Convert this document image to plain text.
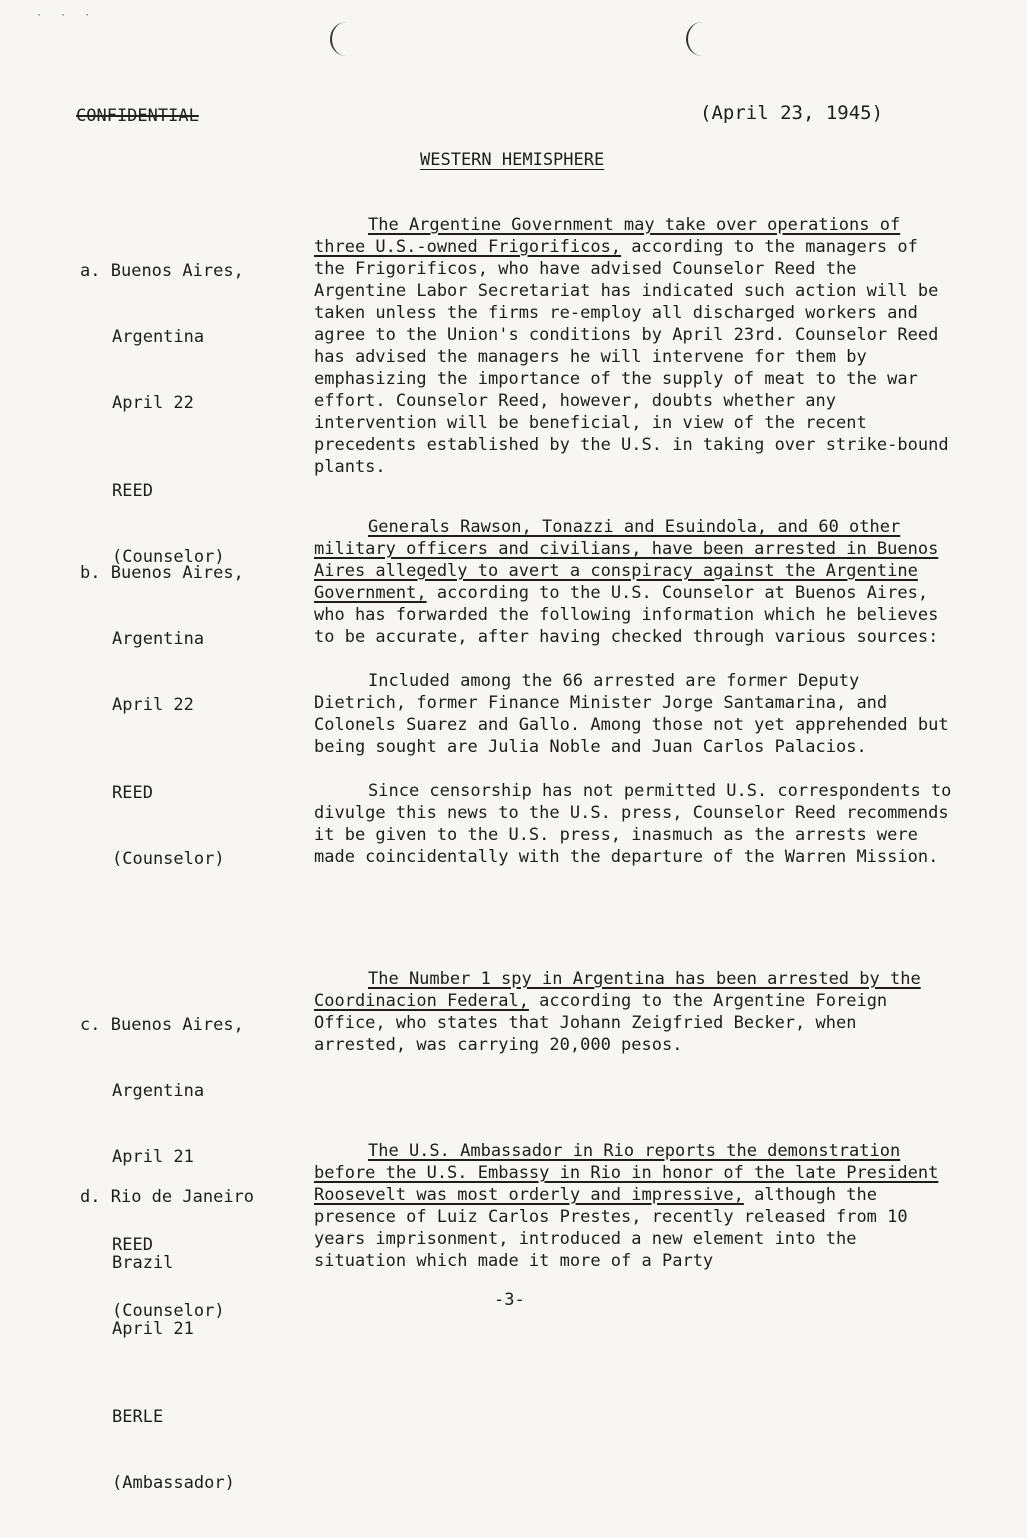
· · ·
CONFIDENTIAL	(April 23, 1945)
WESTERN HEMISPHERE

a. Buenos Aires,

Argentina

April 22

REED

(Counselor)

The Argentine Government may take over operations of three U.S.-owned Frigorificos, according to the managers of the Frigorificos, who have advised Counselor Reed the Argentine Labor Secretariat has indicated such action will be taken unless the firms re-employ all discharged workers and agree to the Union's conditions by April 23rd. Counselor Reed has advised the managers he will intervene for them by emphasizing the importance of the supply of meat to the war effort. Counselor Reed, however, doubts whether any intervention will be beneficial, in view of the recent precedents established by the U.S. in taking over strike-bound plants.

b. Buenos Aires,

Argentina

April 22

REED

(Counselor)

Generals Rawson, Tonazzi and Esuindola, and 60 other military officers and civilians, have been arrested in Buenos Aires allegedly to avert a conspiracy against the Argentine Government, according to the U.S. Counselor at Buenos Aires, who has forwarded the following information which he believes to be accurate, after having checked through various sources:

Included among the 66 arrested are former Deputy Dietrich, former Finance Minister Jorge Santamarina, and Colonels Suarez and Gallo. Among those not yet apprehended but being sought are Julia Noble and Juan Carlos Palacios.

Since censorship has not permitted U.S. correspondents to divulge this news to the U.S. press, Counselor Reed recommends it be given to the U.S. press, inasmuch as the arrests were made coincidentally with the departure of the Warren Mission.

c. Buenos Aires,

Argentina

April 21

REED

(Counselor)

The Number 1 spy in Argentina has been arrested by the Coordinacion Federal, according to the Argentine Foreign Office, who states that Johann Zeigfried Becker, when arrested, was carrying 20,000 pesos.

d. Rio de Janeiro

Brazil

April 21

BERLE

(Ambassador)

The U.S. Ambassador in Rio reports the demonstration before the U.S. Embassy in Rio in honor of the late President Roosevelt was most orderly and impressive, although the presence of Luiz Carlos Prestes, recently released from 10 years imprisonment, introduced a new element into the situation which made it more of a Party

-3-
